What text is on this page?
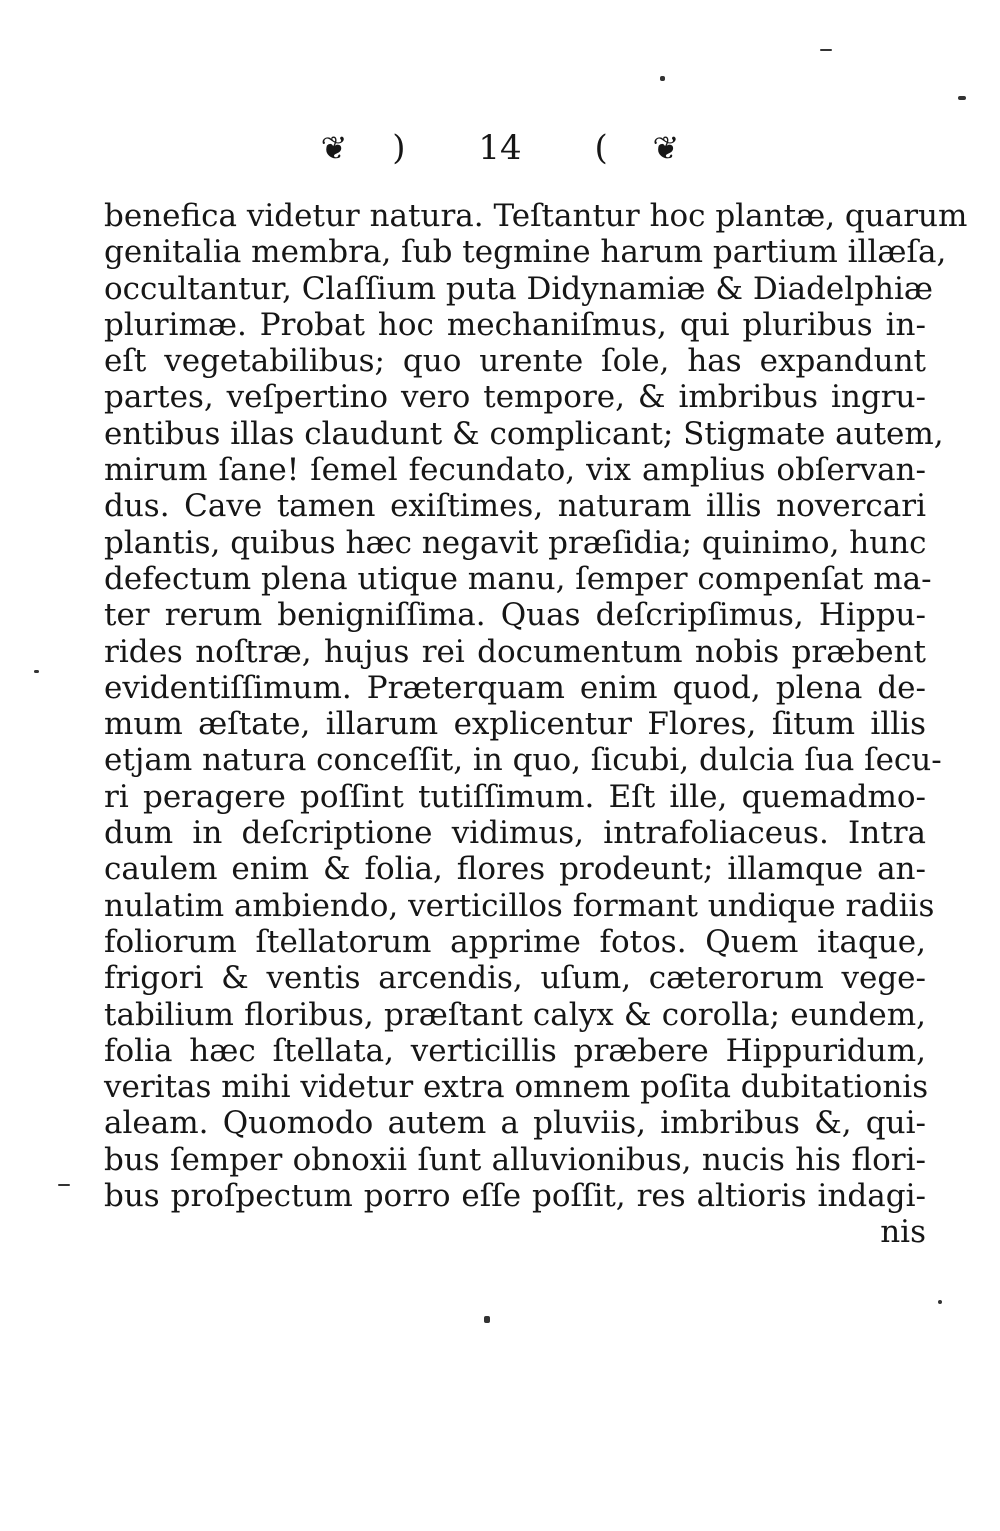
❦ ) 14 ( ❦
benefica videtur natura. Teſtantur hoc plantæ, quarum
genitalia membra, ſub tegmine harum partium illæſa,
occultantur, Claſſium puta Didynamiæ & Diadelphiæ
plurimæ. Probat hoc mechaniſmus, qui pluribus in-
eſt vegetabilibus; quo urente ſole, has expandunt
partes, veſpertino vero tempore, & imbribus ingru-
entibus illas claudunt & complicant; Stigmate autem,
mirum ſane! ſemel fecundato, vix amplius obſervan-
dus. Cave tamen exiſtimes, naturam illis novercari
plantis, quibus hæc negavit præſidia; quinimo, hunc
defectum plena utique manu, ſemper compenſat ma-
ter rerum benigniſſima. Quas deſcripſimus, Hippu-
rides noſtræ, hujus rei documentum nobis præbent
evidentiſſimum. Præterquam enim quod, plena de-
mum æſtate, illarum explicentur Flores, ſitum illis
etjam natura conceſſit, in quo, ſicubi, dulcia ſua ſecu-
ri peragere poſſint tutiſſimum. Eſt ille, quemadmo-
dum in deſcriptione vidimus, intrafoliaceus. Intra
caulem enim & folia, flores prodeunt; illamque an-
nulatim ambiendo, verticillos formant undique radiis
foliorum ſtellatorum apprime fotos. Quem itaque,
frigori & ventis arcendis, uſum, cæterorum vege-
tabilium floribus, præſtant calyx & corolla; eundem,
folia hæc ſtellata, verticillis præbere Hippuridum,
veritas mihi videtur extra omnem poſita dubitationis
aleam. Quomodo autem a pluviis, imbribus &, qui-
bus ſemper obnoxii ſunt alluvionibus, nucis his flori-
bus proſpectum porro eſſe poſſit, res altioris indagi-
nis
